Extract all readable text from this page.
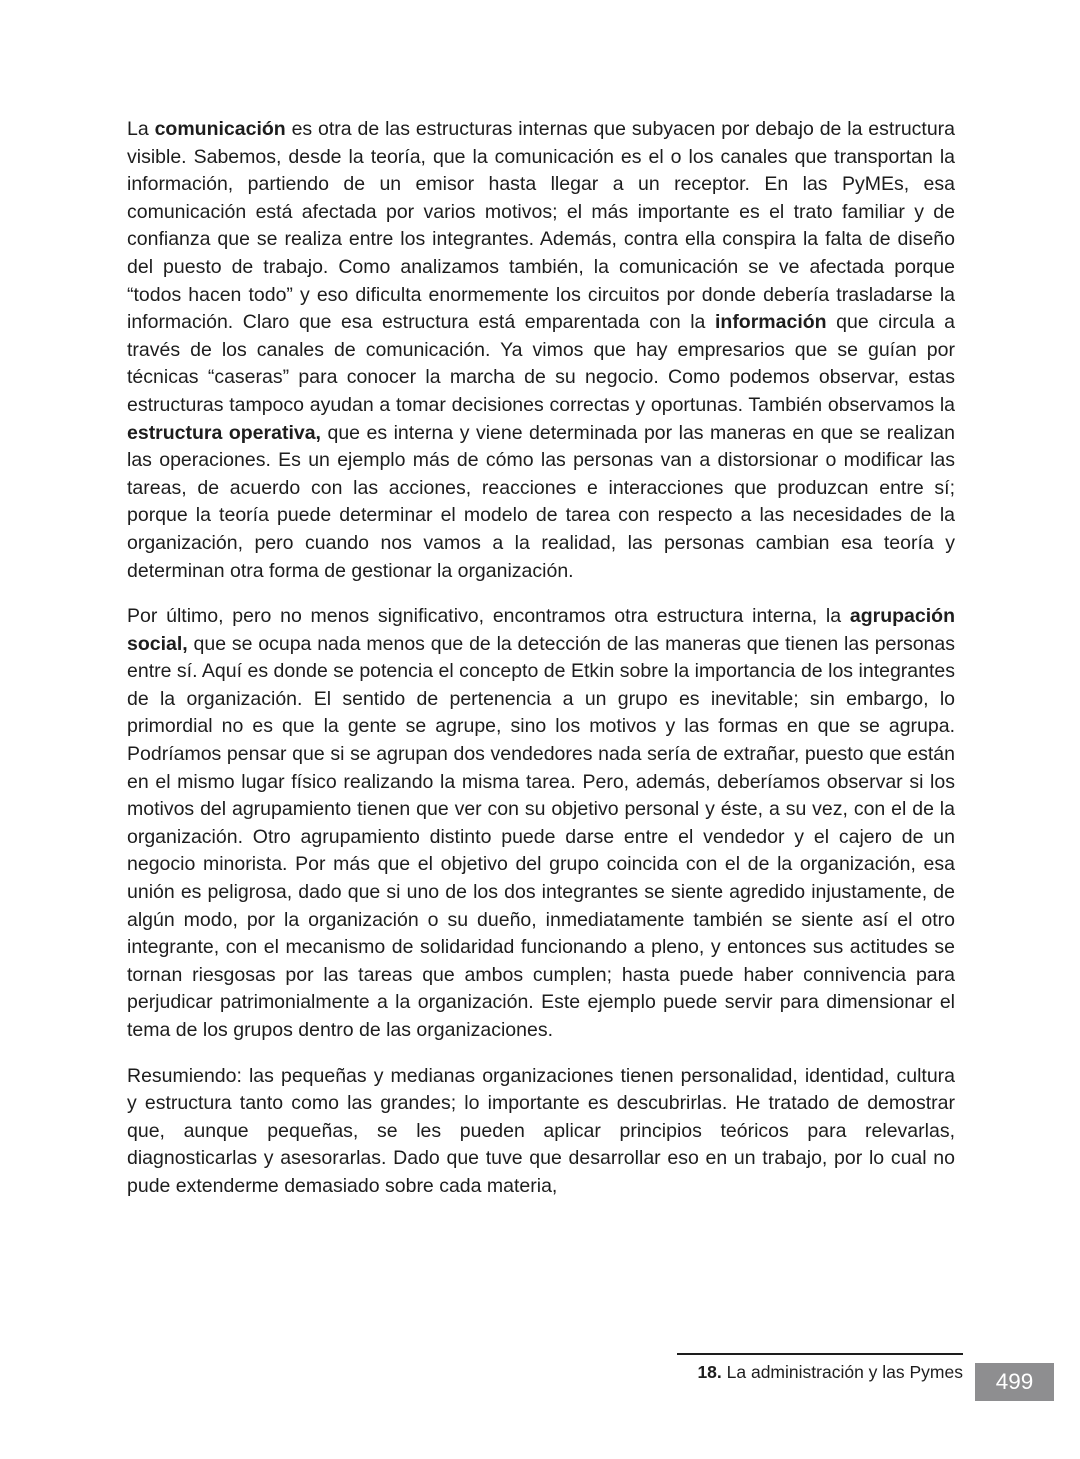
La comunicación es otra de las estructuras internas que subyacen por debajo de la estructura visible. Sabemos, desde la teoría, que la comunicación es el o los canales que transportan la información, partiendo de un emisor hasta llegar a un receptor. En las PyMEs, esa comunicación está afectada por varios motivos; el más importante es el trato familiar y de confianza que se realiza entre los integrantes. Además, contra ella conspira la falta de diseño del puesto de trabajo. Como analizamos también, la comunicación se ve afectada porque “todos hacen todo” y eso dificulta enormemente los circuitos por donde debería trasladarse la información. Claro que esa estructura está emparentada con la información que circula a través de los canales de comunicación. Ya vimos que hay empresarios que se guían por técnicas “caseras” para conocer la marcha de su negocio. Como podemos observar, estas estructuras tampoco ayudan a tomar decisiones correctas y oportunas. También observamos la estructura operativa, que es interna y viene determinada por las maneras en que se realizan las operaciones. Es un ejemplo más de cómo las personas van a distorsionar o modificar las tareas, de acuerdo con las acciones, reacciones e interacciones que produzcan entre sí; porque la teoría puede determinar el modelo de tarea con respecto a las necesidades de la organización, pero cuando nos vamos a la realidad, las personas cambian esa teoría y determinan otra forma de gestionar la organización.

Por último, pero no menos significativo, encontramos otra estructura interna, la agrupación social, que se ocupa nada menos que de la detección de las maneras que tienen las personas entre sí. Aquí es donde se potencia el concepto de Etkin sobre la importancia de los integrantes de la organización. El sentido de pertenencia a un grupo es inevitable; sin embargo, lo primordial no es que la gente se agrupe, sino los motivos y las formas en que se agrupa. Podríamos pensar que si se agrupan dos vendedores nada sería de extrañar, puesto que están en el mismo lugar físico realizando la misma tarea. Pero, además, deberíamos observar si los motivos del agrupamiento tienen que ver con su objetivo personal y éste, a su vez, con el de la organización. Otro agrupamiento distinto puede darse entre el vendedor y el cajero de un negocio minorista. Por más que el objetivo del grupo coincida con el de la organización, esa unión es peligrosa, dado que si uno de los dos integrantes se siente agredido injustamente, de algún modo, por la organización o su dueño, inmediatamente también se siente así el otro integrante, con el mecanismo de solidaridad funcionando a pleno, y entonces sus actitudes se tornan riesgosas por las tareas que ambos cumplen; hasta puede haber connivencia para perjudicar patrimonialmente a la organización. Este ejemplo puede servir para dimensionar el tema de los grupos dentro de las organizaciones.

Resumiendo: las pequeñas y medianas organizaciones tienen personalidad, identidad, cultura y estructura tanto como las grandes; lo importante es descubrirlas. He tratado de demostrar que, aunque pequeñas, se les pueden aplicar principios teóricos para relevarlas, diagnosticarlas y asesorarlas. Dado que tuve que desarrollar eso en un trabajo, por lo cual no pude extenderme demasiado sobre cada materia,

18. La administración y las Pymes 499
